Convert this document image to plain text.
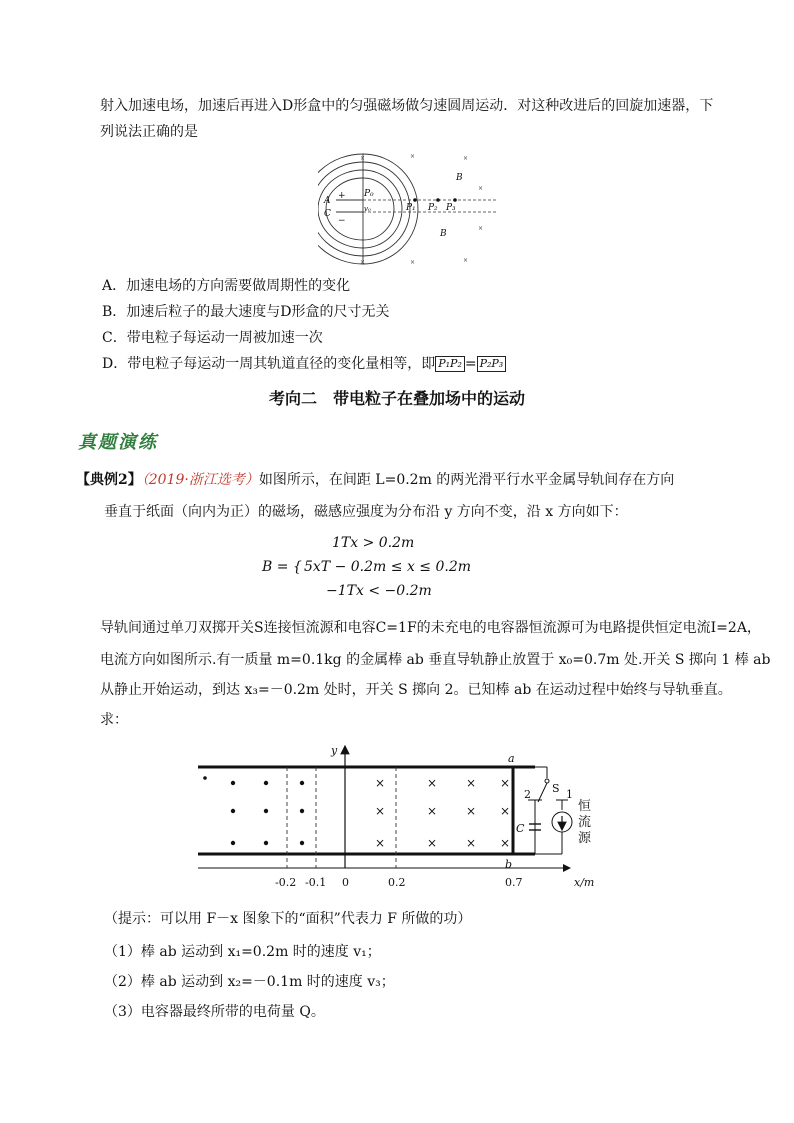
射入加速电场，加速后再进入D形盒中的匀强磁场做匀速圆周运动．对这种改进后的回旋加速器，下
列说法正确的是
×	×	×
×
×
×	×	×
A
C
+
−
P₀
v₀	P₁ P₂ P₃
B
B
A．加速电场的方向需要做周期性的变化
B．加速后粒子的最大速度与D形盒的尺寸无关
C．带电粒子每运动一周被加速一次
D．带电粒子每运动一周其轨道直径的变化量相等，即 P₁P₂ = P₂P₃
考向二　带电粒子在叠加场中的运动
真题演练
【典例2】（2019·浙江选考）如图所示，在间距 L=0.2m 的两光滑平行水平金属导轨间存在方向
垂直于纸面（向内为正）的磁场，磁感应强度为分布沿 y 方向不变，沿 x 方向如下：
1Tx > 0.2m
B = { 5xT − 0.2m ≤ x ≤ 0.2m
−1Tx < −0.2m
导轨间通过单刀双掷开关S连接恒流源和电容C=1F的未充电的电容器恒流源可为电路提供恒定电流I=2A，
电流方向如图所示.有一质量 m=0.1kg 的金属棒 ab 垂直导轨静止放置于 x₀=0.7m 处.开关 S 掷向 1 棒 ab
从静止开始运动，到达 x₃=－0.2m 处时，开关 S 掷向 2。已知棒 ab 在运动过程中始终与导轨垂直。
求：
×
×
×
×
×
×
×
×
×
×
×
×
y
x/m
-0.2 -0.1 0	0.2	0.7
a
b
S 1
2
C
恒
流
源
（提示：可以用 F－x 图象下的“面积”代表力 F 所做的功）
（1）棒 ab 运动到 x₁=0.2m 时的速度 v₁；
（2）棒 ab 运动到 x₂=－0.1m 时的速度 v₃；
（3）电容器最终所带的电荷量 Q。
